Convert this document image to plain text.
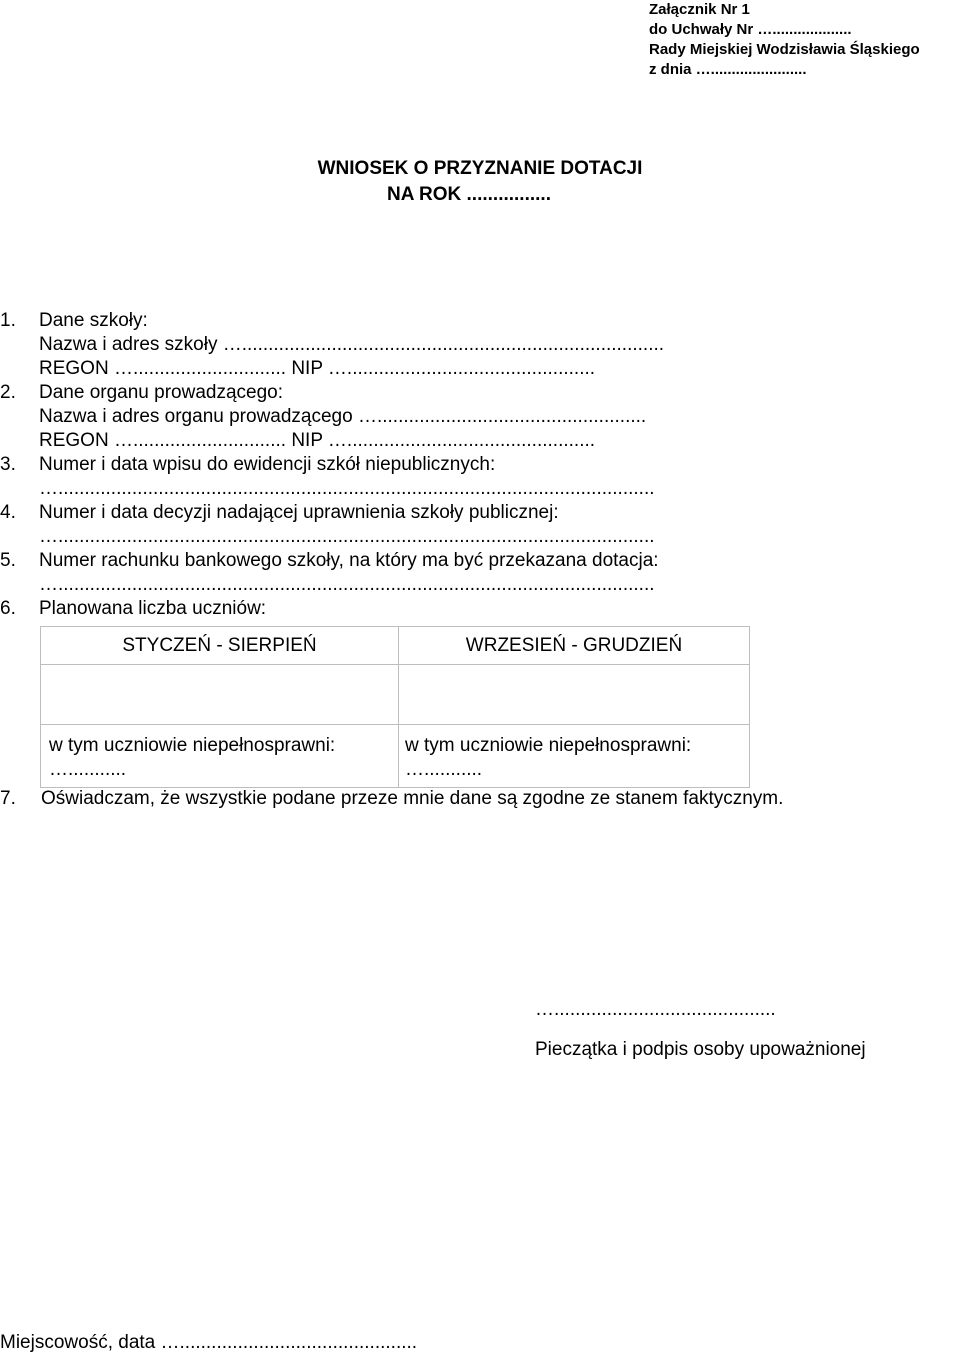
Załącznik Nr 1
do Uchwały Nr …...................
Rady Miejskiej Wodzisławia Śląskiego
z dnia ….......................
WNIOSEK O PRZYZNANIE DOTACJI
NA ROK ................
1. Dane szkoły:
Nazwa i adres szkoły …................................................................................
REGON …............................. NIP …...............................................
2. Dane organu prowadzącego:
Nazwa i adres organu prowadzącego …...................................................
REGON …............................. NIP …...............................................
3. Numer i data wpisu do ewidencji szkół niepublicznych:
….................................................................................................................
4. Numer i data decyzji nadającej uprawnienia szkoły publicznej:
….................................................................................................................
5. Numer rachunku bankowego szkoły, na który ma być przekazana dotacja:
….................................................................................................................
6. Planowana liczba uczniów:
STYCZEŃ - SIERPIEŃ	WRZESIEŃ - GRUDZIEŃ
w tym uczniowie niepełnosprawni:
…...........
w tym uczniowie niepełnosprawni:
…...........
7. Oświadczam, że wszystkie podane przeze mnie dane są zgodne ze stanem faktycznym.
…..........................................
Pieczątka i podpis osoby upoważnionej
Miejscowość, data ….............................................
